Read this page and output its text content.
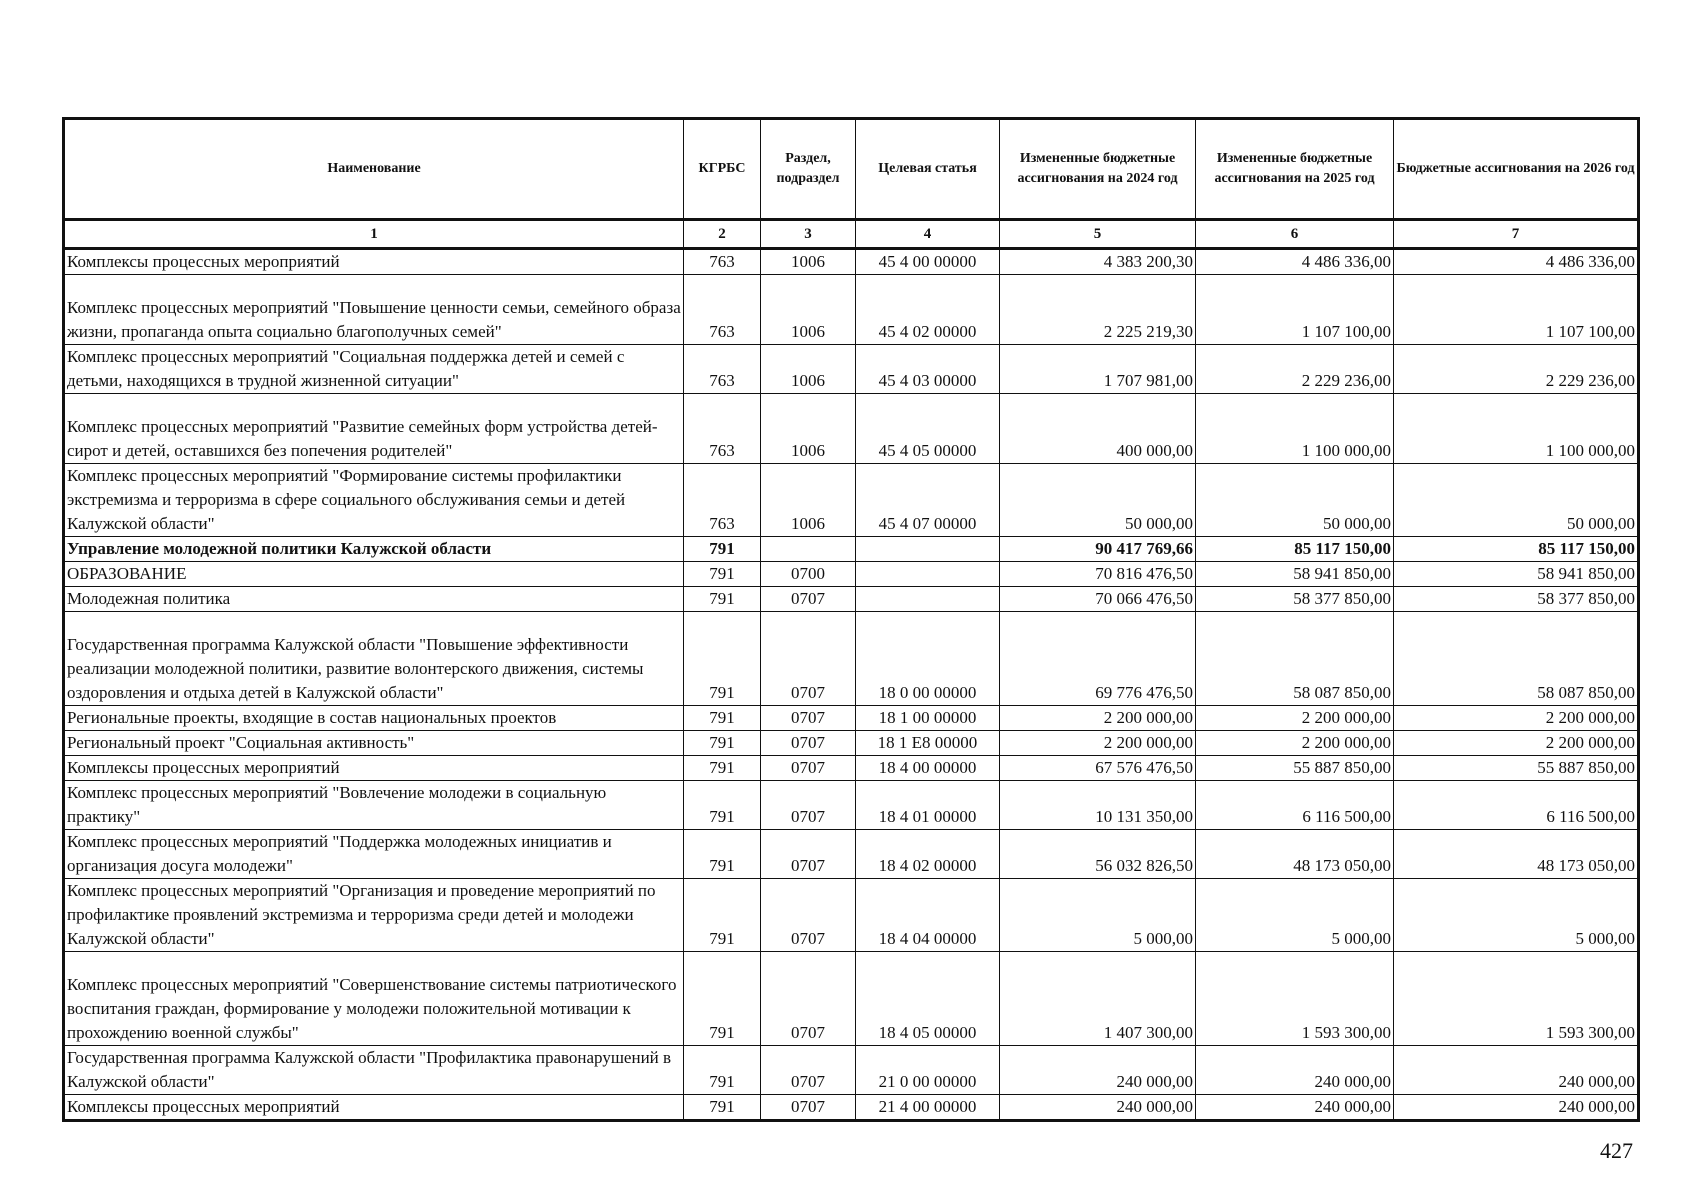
Наименование	КГРБС	Раздел, подраздел	Целевая статья	Измененные бюджетные ассигнования на 2024 год	Измененные бюджетные ассигнования на 2025 год	Бюджетные ассигнования на 2026 год
1	2	3	4	5	6	7
Комплексы процессных мероприятий	763	1006	45 4 00 00000	4 383 200,30	4 486 336,00	4 486 336,00
Комплекс процессных мероприятий "Повышение ценности семьи, семейного образа жизни, пропаганда опыта социально благополучных семей"	763	1006	45 4 02 00000	2 225 219,30	1 107 100,00	1 107 100,00
Комплекс процессных мероприятий "Социальная поддержка детей и семей с детьми, находящихся в трудной жизненной ситуации"	763	1006	45 4 03 00000	1 707 981,00	2 229 236,00	2 229 236,00
Комплекс процессных мероприятий "Развитие семейных форм устройства детей-сирот и детей, оставшихся без попечения родителей"	763	1006	45 4 05 00000	400 000,00	1 100 000,00	1 100 000,00
Комплекс процессных мероприятий "Формирование системы профилактики экстремизма и терроризма в сфере социального обслуживания семьи и детей Калужской области"	763	1006	45 4 07 00000	50 000,00	50 000,00	50 000,00
Управление молодежной политики Калужской области	791			90 417 769,66	85 117 150,00	85 117 150,00
ОБРАЗОВАНИЕ	791	0700		70 816 476,50	58 941 850,00	58 941 850,00
Молодежная политика	791	0707		70 066 476,50	58 377 850,00	58 377 850,00
Государственная программа Калужской области "Повышение эффективности реализации молодежной политики, развитие волонтерского движения, системы оздоровления и отдыха детей в Калужской области"	791	0707	18 0 00 00000	69 776 476,50	58 087 850,00	58 087 850,00
Региональные проекты, входящие в состав национальных проектов	791	0707	18 1 00 00000	2 200 000,00	2 200 000,00	2 200 000,00
Региональный проект "Социальная активность"	791	0707	18 1 E8 00000	2 200 000,00	2 200 000,00	2 200 000,00
Комплексы процессных мероприятий	791	0707	18 4 00 00000	67 576 476,50	55 887 850,00	55 887 850,00
Комплекс процессных мероприятий "Вовлечение молодежи в социальную практику"	791	0707	18 4 01 00000	10 131 350,00	6 116 500,00	6 116 500,00
Комплекс процессных мероприятий "Поддержка молодежных инициатив и организация досуга молодежи"	791	0707	18 4 02 00000	56 032 826,50	48 173 050,00	48 173 050,00
Комплекс процессных мероприятий "Организация и проведение мероприятий по профилактике проявлений экстремизма и терроризма среди детей и молодежи Калужской области"	791	0707	18 4 04 00000	5 000,00	5 000,00	5 000,00
Комплекс процессных мероприятий "Совершенствование системы патриотического воспитания граждан, формирование у молодежи положительной мотивации к прохождению военной службы"	791	0707	18 4 05 00000	1 407 300,00	1 593 300,00	1 593 300,00
Государственная программа Калужской области "Профилактика правонарушений в Калужской области"	791	0707	21 0 00 00000	240 000,00	240 000,00	240 000,00
Комплексы процессных мероприятий	791	0707	21 4 00 00000	240 000,00	240 000,00	240 000,00
427
